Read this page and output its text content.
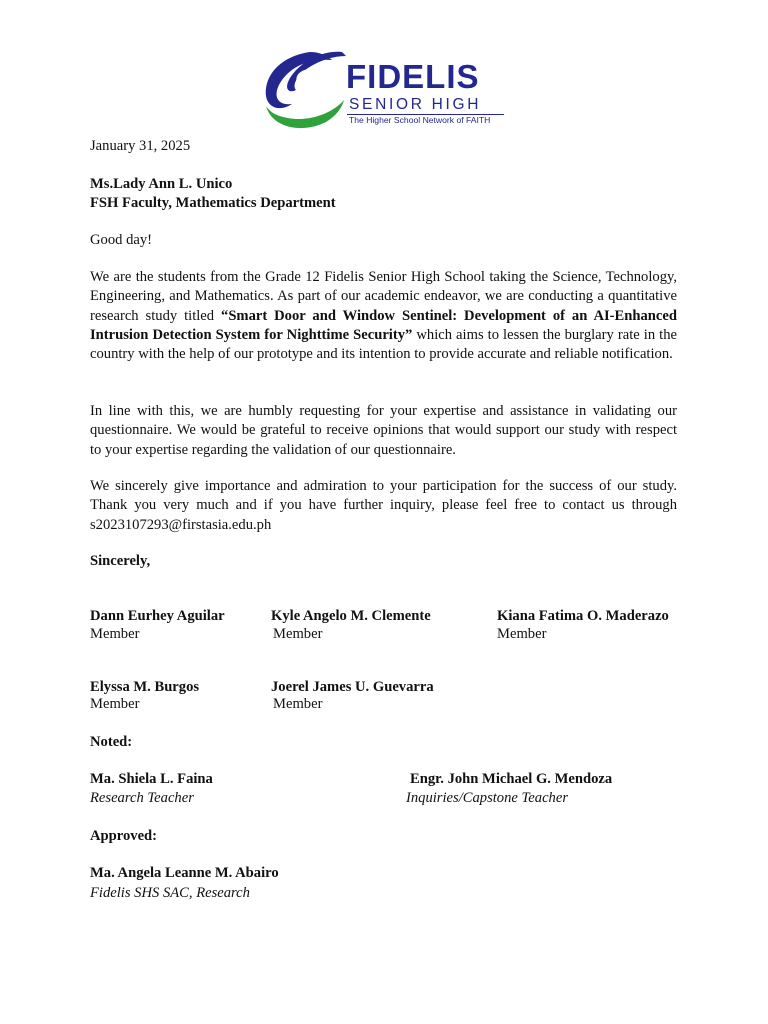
FIDELIS
SENIOR HIGH
The Higher School Network of FAITH
January 31, 2025
Ms.Lady Ann L. Unico
FSH Faculty, Mathematics Department
Good day!
We are the students from the Grade 12 Fidelis Senior High School taking the Science, Technology, Engineering, and Mathematics. As part of our academic endeavor, we are conducting a quantitative research study titled “Smart Door and Window Sentinel: Development of an AI-Enhanced Intrusion Detection System for Nighttime Security” which aims to lessen the burglary rate in the country with the help of our prototype and its intention to provide accurate and reliable notification.
In line with this, we are humbly requesting for your expertise and assistance in validating our questionnaire. We would be grateful to receive opinions that would support our study with respect to your expertise regarding the validation of our questionnaire.
We sincerely give importance and admiration to your participation for the success of our study. Thank you very much and if you have further inquiry, please feel free to contact us through s2023107293@firstasia.edu.ph
Sincerely,
Dann Eurhey Aguilar
Member
Kyle Angelo M. Clemente
Member
Kiana Fatima O. Maderazo
Member
Elyssa M. Burgos
Member
Joerel James U. Guevarra
Member
Noted:
Ma. Shiela L. Faina
Research Teacher
Engr. John Michael G. Mendoza
Inquiries/Capstone Teacher
Approved:
Ma. Angela Leanne M. Abairo
Fidelis SHS SAC, Research
